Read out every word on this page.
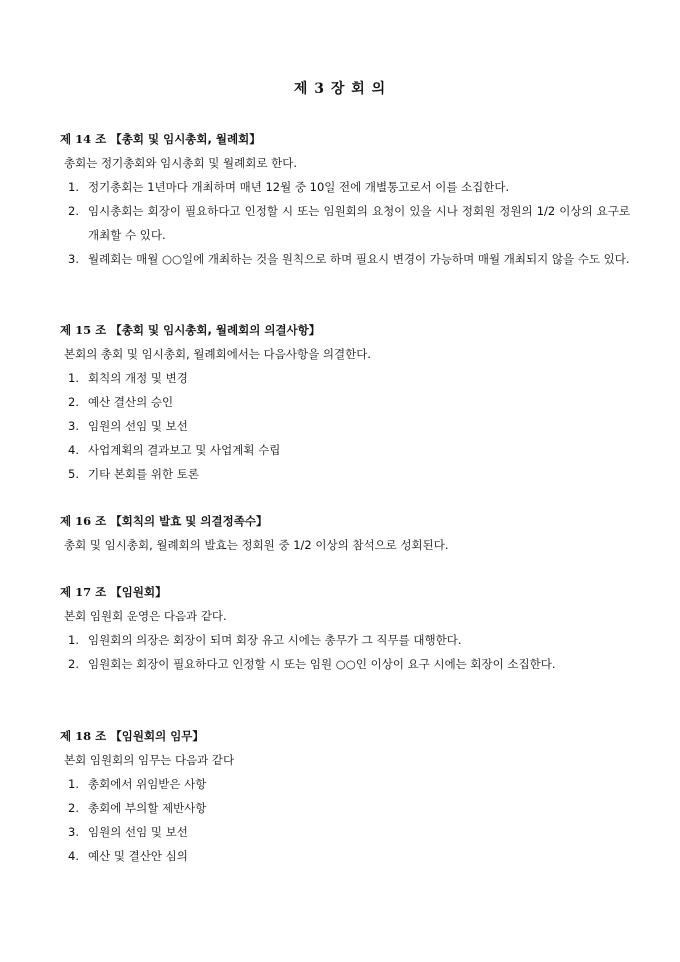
제 3 장 회 의
제 14 조 【총회 및 임시총회, 월례회】
총회는 정기총회와 임시총회 및 월례회로 한다.
1. 정기총회는 1년마다 개최하며 매년 12월 중 10일 전에 개별통고로서 이를 소집한다.
2. 임시총회는 회장이 필요하다고 인정할 시 또는 임원회의 요청이 있을 시나 정회원 정원의 1/2 이상의 요구로 개최할 수 있다.
3. 월례회는 매월 ○○일에 개최하는 것을 원칙으로 하며 필요시 변경이 가능하며 매월 개최되지 않을 수도 있다.
제 15 조 【총회 및 임시총회, 월례회의 의결사항】
본회의 총회 및 임시총회, 월례회에서는 다음사항을 의결한다.
1. 회칙의 개정 및 변경
2. 예산 결산의 승인
3. 임원의 선임 및 보선
4. 사업계획의 결과보고 및 사업계획 수립
5. 기타 본회를 위한 토론
제 16 조 【회칙의 발효 및 의결정족수】
총회 및 임시총회, 월례회의 발효는 정회원 중 1/2 이상의 참석으로 성회된다.
제 17 조 【임원회】
본회 임원회 운영은 다음과 같다.
1. 임원회의 의장은 회장이 되며 회장 유고 시에는 총무가 그 직무를 대행한다.
2. 임원회는 회장이 필요하다고 인정할 시 또는 임원 ○○인 이상이 요구 시에는 회장이 소집한다.
제 18 조 【임원회의 임무】
본회 임원회의 임무는 다음과 같다
1. 총회에서 위임받은 사항
2. 총회에 부의할 제반사항
3. 임원의 선임 및 보선
4. 예산 및 결산안 심의
